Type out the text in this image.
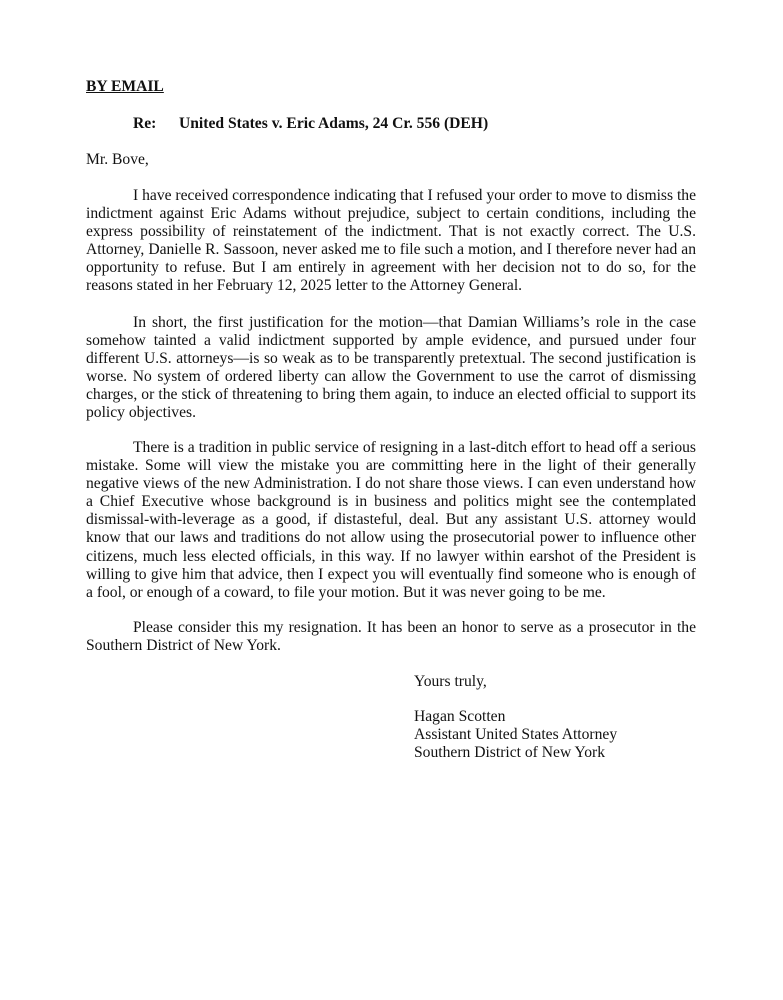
BY EMAIL

Re: United States v. Eric Adams, 24 Cr. 556 (DEH)

Mr. Bove,

I have received correspondence indicating that I refused your order to move to dismiss the indictment against Eric Adams without prejudice, subject to certain conditions, including the express possibility of reinstatement of the indictment. That is not exactly correct. The U.S. Attorney, Danielle R. Sassoon, never asked me to file such a motion, and I therefore never had an opportunity to refuse. But I am entirely in agreement with her decision not to do so, for the reasons stated in her February 12, 2025 letter to the Attorney General.

In short, the first justification for the motion—that Damian Williams’s role in the case somehow tainted a valid indictment supported by ample evidence, and pursued under four different U.S. attorneys—is so weak as to be transparently pretextual. The second justification is worse. No system of ordered liberty can allow the Government to use the carrot of dismissing charges, or the stick of threatening to bring them again, to induce an elected official to support its policy objectives.

There is a tradition in public service of resigning in a last-ditch effort to head off a serious mistake. Some will view the mistake you are committing here in the light of their generally negative views of the new Administration. I do not share those views. I can even understand how a Chief Executive whose background is in business and politics might see the contemplated dismissal-with-leverage as a good, if distasteful, deal. But any assistant U.S. attorney would know that our laws and traditions do not allow using the prosecutorial power to influence other citizens, much less elected officials, in this way. If no lawyer within earshot of the President is willing to give him that advice, then I expect you will eventually find someone who is enough of a fool, or enough of a coward, to file your motion. But it was never going to be me.

Please consider this my resignation. It has been an honor to serve as a prosecutor in the Southern District of New York.

Yours truly,

Hagan Scotten
Assistant United States Attorney
Southern District of New York
